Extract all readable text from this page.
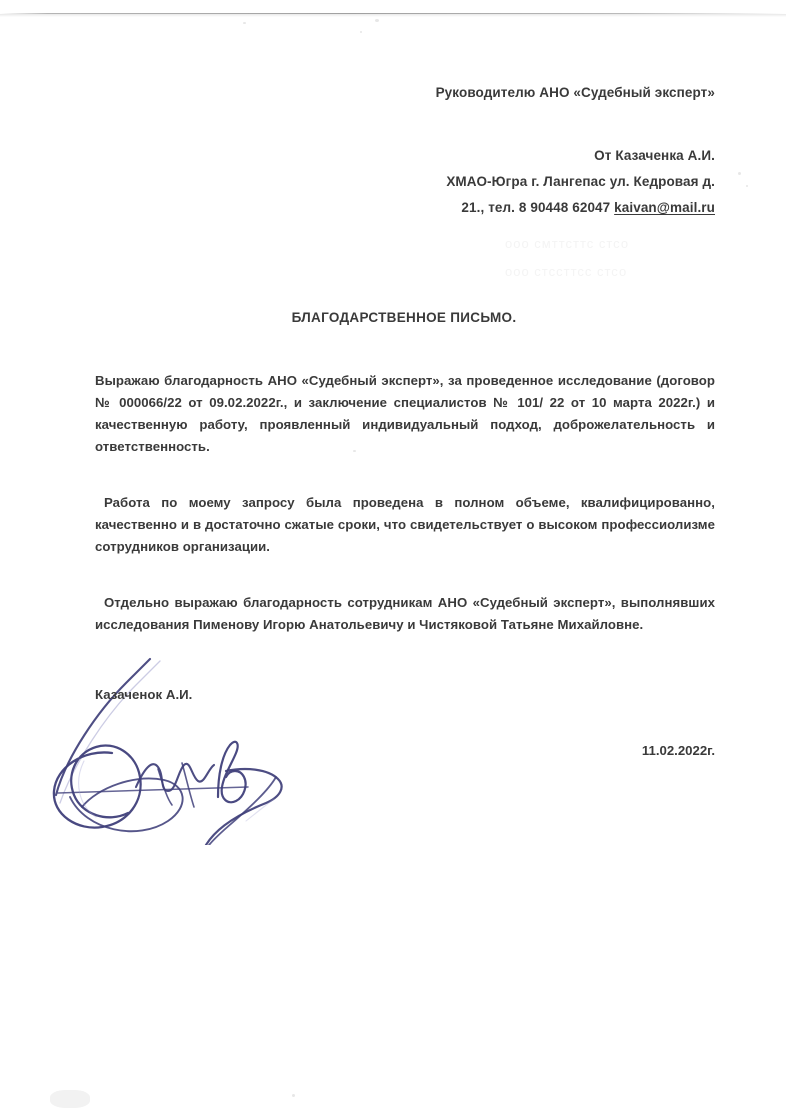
ооо смттсттс стсо
ооо стссттсс стсо
Руководителю АНО «Судебный эксперт»
От Казаченка А.И.
ХМАО-Югра г. Лангепас ул. Кедровая д.
21., тел. 8 90448 62047 kaivan@mail.ru
БЛАГОДАРСТВЕННОЕ ПИСЬМО.

Выражаю благодарность АНО «Судебный эксперт», за проведенное исследование (договор № 000066/22 от 09.02.2022г., и заключение специалистов № 101/ 22 от 10 марта 2022г.) и качественную работу, проявленный индивидуальный подход, доброжелательность и ответственность.

Работа по моему запросу была проведена в полном объеме, квалифицированно, качественно и в достаточно сжатые сроки, что свидетельствует о высоком профессиолизме сотрудников организации.

Отдельно выражаю благодарность сотрудникам АНО «Судебный эксперт», выполнявших исследования Пименову Игорю Анатольевичу и Чистяковой Татьяне Михайловне.

Казаченок А.И.
11.02.2022г.
